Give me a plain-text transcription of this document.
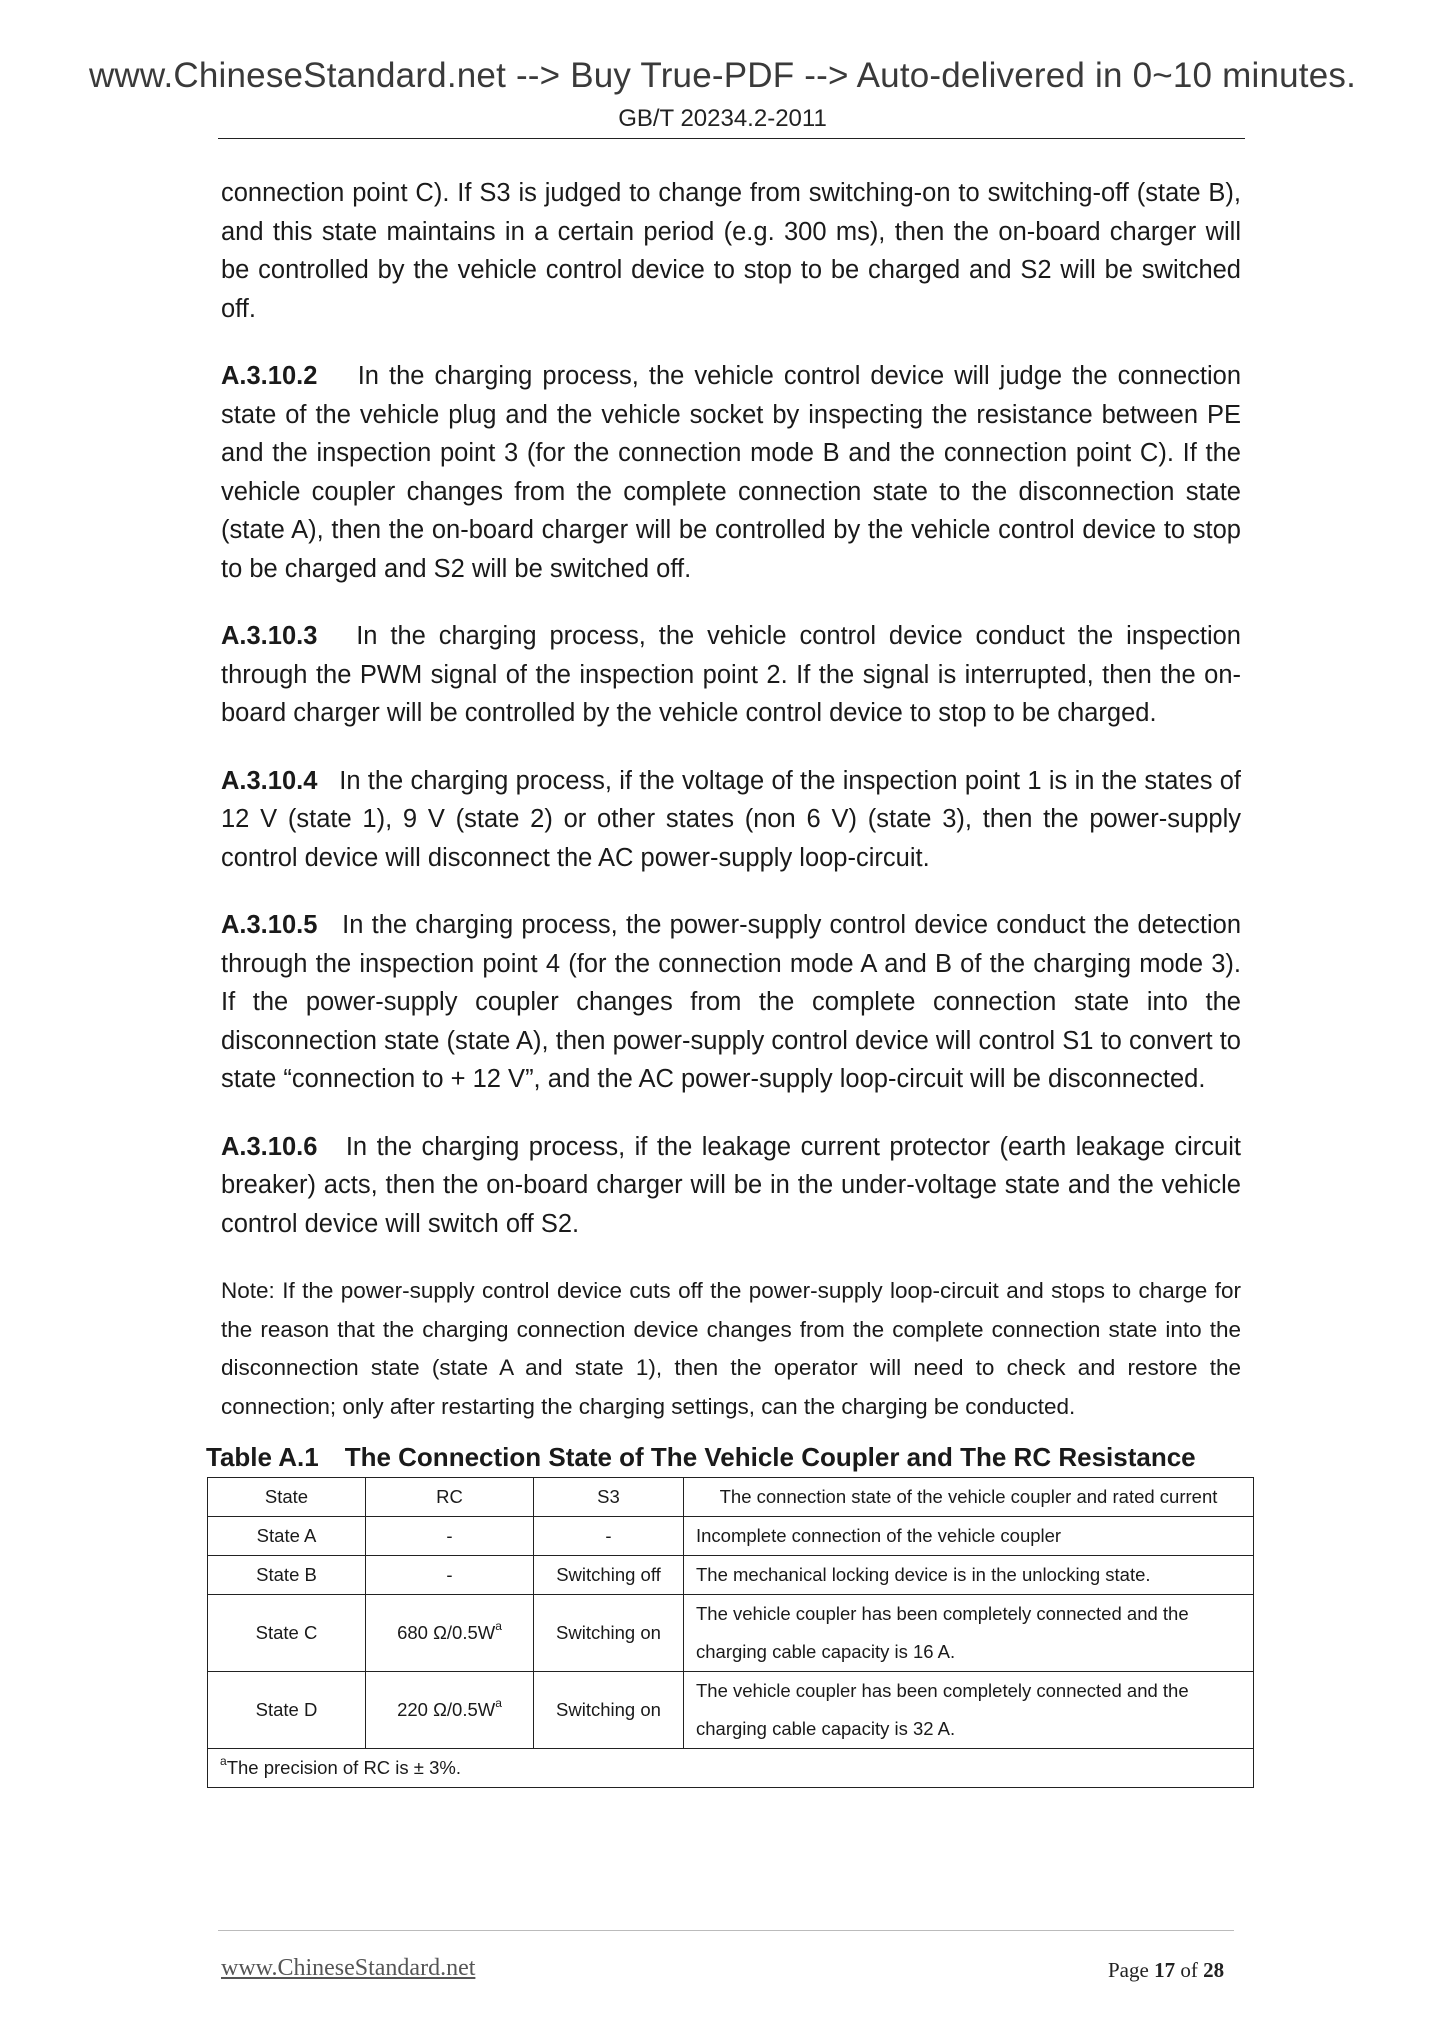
www.ChineseStandard.net --> Buy True-PDF --> Auto-delivered in 0~10 minutes.
GB/T 20234.2-2011

connection point C). If S3 is judged to change from switching-on to switching-off (state B), and this state maintains in a certain period (e.g. 300 ms), then the on-board charger will be controlled by the vehicle control device to stop to be charged and S2 will be switched off.

A.3.10.2 In the charging process, the vehicle control device will judge the connection state of the vehicle plug and the vehicle socket by inspecting the resistance between PE and the inspection point 3 (for the connection mode B and the connection point C). If the vehicle coupler changes from the complete connection state to the disconnection state (state A), then the on-board charger will be controlled by the vehicle control device to stop to be charged and S2 will be switched off.

A.3.10.3 In the charging process, the vehicle control device conduct the inspection through the PWM signal of the inspection point 2. If the signal is interrupted, then the on-board charger will be controlled by the vehicle control device to stop to be charged.

A.3.10.4 In the charging process, if the voltage of the inspection point 1 is in the states of 12 V (state 1), 9 V (state 2) or other states (non 6 V) (state 3), then the power-supply control device will disconnect the AC power-supply loop-circuit.

A.3.10.5 In the charging process, the power-supply control device conduct the detection through the inspection point 4 (for the connection mode A and B of the charging mode 3). If the power-supply coupler changes from the complete connection state into the disconnection state (state A), then power-supply control device will control S1 to convert to state “connection to + 12 V”, and the AC power-supply loop-circuit will be disconnected.

A.3.10.6 In the charging process, if the leakage current protector (earth leakage circuit breaker) acts, then the on-board charger will be in the under-voltage state and the vehicle control device will switch off S2.

Note: If the power-supply control device cuts off the power-supply loop-circuit and stops to charge for the reason that the charging connection device changes from the complete connection state into the disconnection state (state A and state 1), then the operator will need to check and restore the connection; only after restarting the charging settings, can the charging be conducted.

Table A.1 The Connection State of The Vehicle Coupler and The RC Resistance
State	RC	S3	The connection state of the vehicle coupler and rated current
State A	-	-	Incomplete connection of the vehicle coupler
State B	-	Switching off	The mechanical locking device is in the unlocking state.
State C	680 $\Omega/0.5W^a$	Switching on	The vehicle coupler has been completely connected and the
charging cable capacity is 16 A.

State D	220 $\Omega/0.5W^a$	Switching on	The vehicle coupler has been completely connected and the
charging cable capacity is 32 A.

$^a$The precision of RC is ± 3%.			
www.ChineseStandard.net	Page 17 of 28
